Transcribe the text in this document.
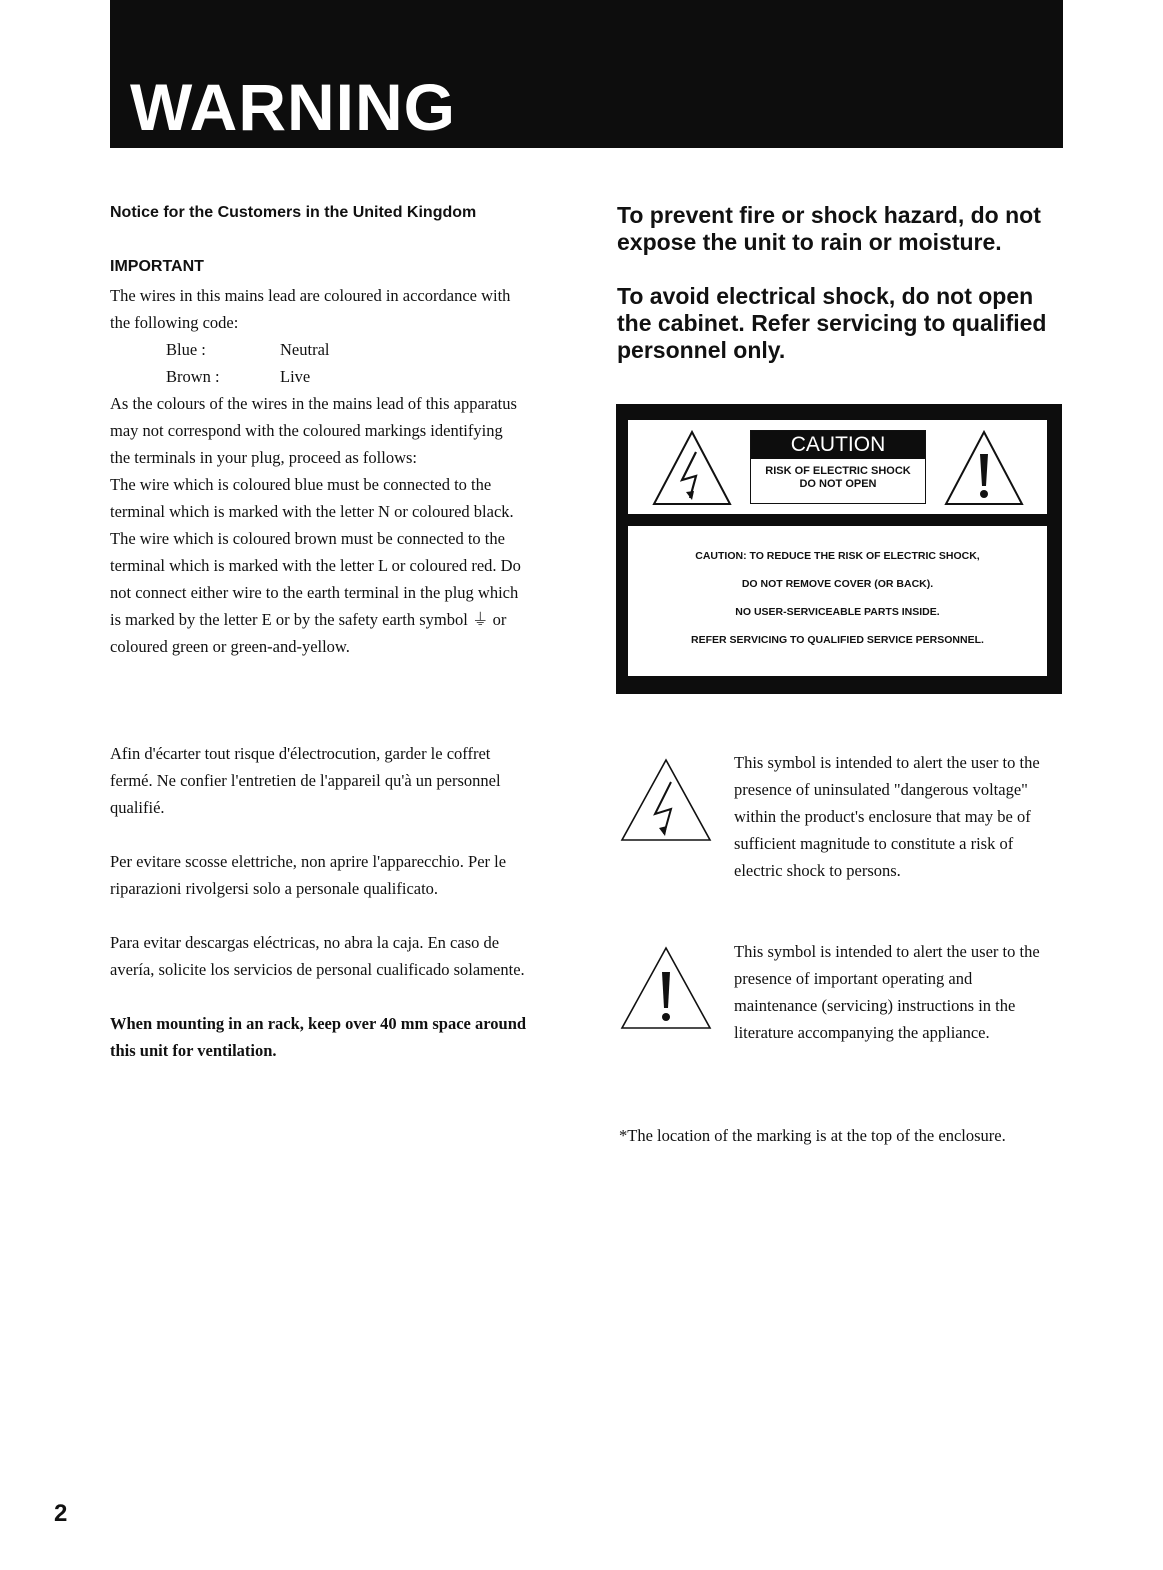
WARNING
Notice for the Customers in the United Kingdom
IMPORTANT
The wires in this mains lead are coloured in accordance with
the following code:
Blue :	Neutral
Brown :	Live
As the colours of the wires in the mains lead of this apparatus
may not correspond with the coloured markings identifying
the terminals in your plug, proceed as follows:
The wire which is coloured blue must be connected to the
terminal which is marked with the letter N or coloured black.
The wire which is coloured brown must be connected to the
terminal which is marked with the letter L or coloured red. Do
not connect either wire to the earth terminal in the plug which
is marked by the letter E or by the safety earth symbol ⏚ or
coloured green or green-and-yellow.
To prevent fire or shock hazard, do not
expose the unit to rain or moisture.
To avoid electrical shock, do not open
the cabinet. Refer servicing to qualified
personnel only.
CAUTION
RISK OF ELECTRIC SHOCK
DO NOT OPEN
CAUTION: TO REDUCE THE RISK OF ELECTRIC SHOCK,
DO NOT REMOVE COVER (OR BACK).
NO USER-SERVICEABLE PARTS INSIDE.
REFER SERVICING TO QUALIFIED SERVICE PERSONNEL.
Afin d'écarter tout risque d'électrocution, garder le coffret
fermé. Ne confier l'entretien de l'appareil qu'à un personnel
qualifié.
Per evitare scosse elettriche, non aprire l'apparecchio. Per le
riparazioni rivolgersi solo a personale qualificato.
Para evitar descargas eléctricas, no abra la caja. En caso de
avería, solicite los servicios de personal cualificado solamente.
When mounting in an rack, keep over 40 mm space around
this unit for ventilation.
This symbol is intended to alert the user to the
presence of uninsulated "dangerous voltage"
within the product's enclosure that may be of
sufficient magnitude to constitute a risk of
electric shock to persons.
This symbol is intended to alert the user to the
presence of important operating and
maintenance (servicing) instructions in the
literature accompanying the appliance.
*The location of the marking is at the top of the enclosure.
2
